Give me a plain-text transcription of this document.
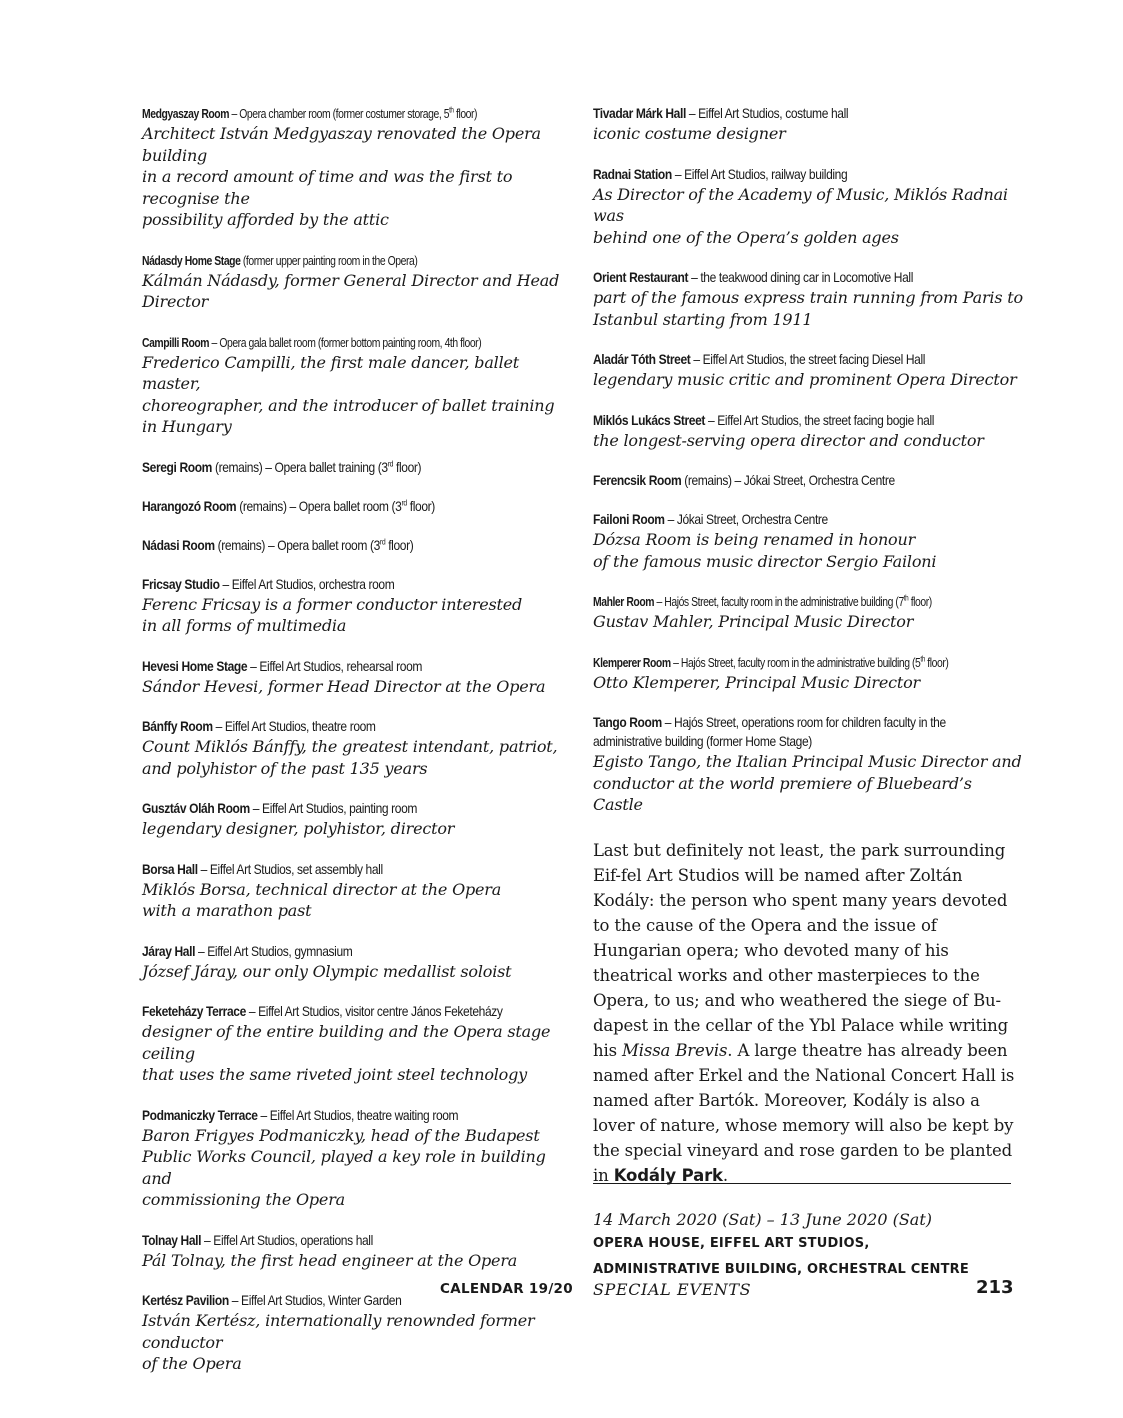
Medgyaszay Room – Opera chamber room (former costumer storage, 5th floor)
Architect István Medgyaszay renovated the Opera building
in a record amount of time and was the first to recognise the
possibility afforded by the attic
Nádasdy Home Stage (former upper painting room in the Opera)
Kálmán Nádasdy, former General Director and Head Director
Campilli Room – Opera gala ballet room (former bottom painting room, 4th floor)
Frederico Campilli, the first male dancer, ballet master,
choreographer, and the introducer of ballet training in Hungary
Seregi Room (remains) – Opera ballet training (3rd floor)
Harangozó Room (remains) – Opera ballet room (3rd floor)
Nádasi Room (remains) – Opera ballet room (3rd floor)
Fricsay Studio – Eiffel Art Studios, orchestra room
Ferenc Fricsay is a former conductor interested
in all forms of multimedia
Hevesi Home Stage – Eiffel Art Studios, rehearsal room
Sándor Hevesi, former Head Director at the Opera
Bánffy Room – Eiffel Art Studios, theatre room
Count Miklós Bánffy, the greatest intendant, patriot,
and polyhistor of the past 135 years
Gusztáv Oláh Room – Eiffel Art Studios, painting room
legendary designer, polyhistor, director
Borsa Hall – Eiffel Art Studios, set assembly hall
Miklós Borsa, technical director at the Opera
with a marathon past
Járay Hall – Eiffel Art Studios, gymnasium
József Járay, our only Olympic medallist soloist
Feketeházy Terrace – Eiffel Art Studios, visitor centre János Feketeházy
designer of the entire building and the Opera stage ceiling
that uses the same riveted joint steel technology
Podmaniczky Terrace – Eiffel Art Studios, theatre waiting room
Baron Frigyes Podmaniczky, head of the Budapest
Public Works Council, played a key role in building and
commissioning the Opera
Tolnay Hall – Eiffel Art Studios, operations hall
Pál Tolnay, the first head engineer at the Opera
Kertész Pavilion – Eiffel Art Studios, Winter Garden
István Kertész, internationally renownded former conductor
of the Opera
Tivadar Márk Hall – Eiffel Art Studios, costume hall
iconic costume designer
Radnai Station – Eiffel Art Studios, railway building
As Director of the Academy of Music, Miklós Radnai was
behind one of the Opera’s golden ages
Orient Restaurant – the teakwood dining car in Locomotive Hall
part of the famous express train running from Paris to
Istanbul starting from 1911
Aladár Tóth Street – Eiffel Art Studios, the street facing Diesel Hall
legendary music critic and prominent Opera Director
Miklós Lukács Street – Eiffel Art Studios, the street facing bogie hall
the longest-serving opera director and conductor
Ferencsik Room (remains) – Jókai Street, Orchestra Centre
Failoni Room – Jókai Street, Orchestra Centre
Dózsa Room is being renamed in honour
of the famous music director Sergio Failoni
Mahler Room – Hajós Street, faculty room in the administrative building (7th floor)
Gustav Mahler, Principal Music Director
Klemperer Room – Hajós Street, faculty room in the administrative building (5th floor)
Otto Klemperer, Principal Music Director
Tango Room – Hajós Street, operations room for children faculty in the administrative building (former Home Stage)
Egisto Tango, the Italian Principal Music Director and
conductor at the world premiere of Bluebeard’s Castle

Last but definitely not least, the park surrounding Eif-fel Art Studios will be named after Zoltán Kodály: the person who spent many years devoted to the cause of the Opera and the issue of Hungarian opera; who devoted many of his theatrical works and other masterpieces to the Opera, to us; and who weathered the siege of Bu-dapest in the cellar of the Ybl Palace while writing his Missa Brevis. A large theatre has already been named after Erkel and the National Concert Hall is named after Bartók. Moreover, Kodály is also a lover of nature, whose memory will also be kept by the special vineyard and rose garden to be planted in Kodály Park.

14 March 2020 (Sat) – 13 June 2020 (Sat)
OPERA HOUSE, EIFFEL ART STUDIOS,
ADMINISTRATIVE BUILDING, ORCHESTRAL CENTRE
CALENDAR 19/20 SPECIAL EVENTS	213
